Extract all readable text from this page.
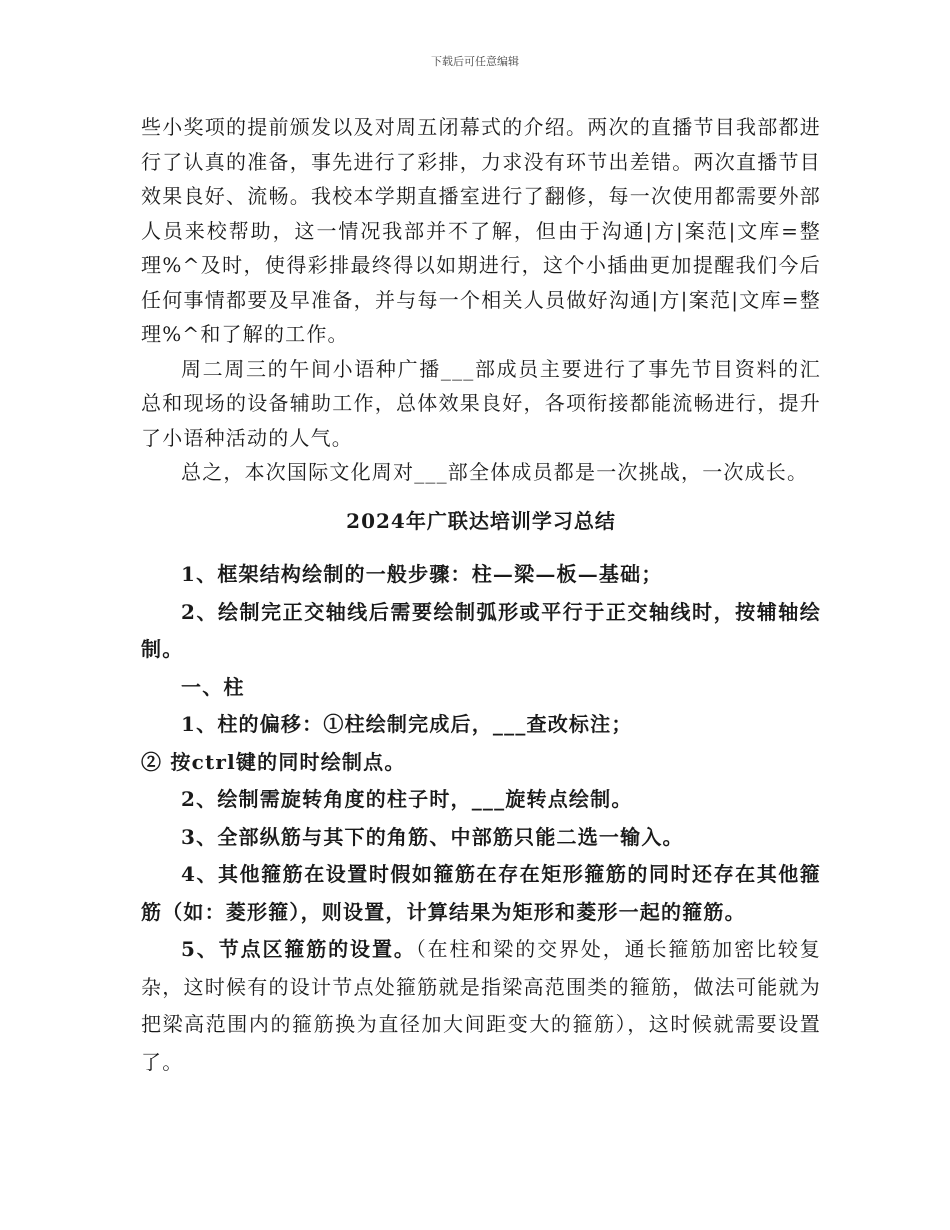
下载后可任意编辑

些小奖项的提前颁发以及对周五闭幕式的介绍。两次的直播节目我部都进行了认真的准备，事先进行了彩排，力求没有环节出差错。两次直播节目效果良好、流畅。我校本学期直播室进行了翻修，每一次使用都需要外部人员来校帮助，这一情况我部并不了解，但由于沟通|方|案范|文库=整理%^及时，使得彩排最终得以如期进行，这个小插曲更加提醒我们今后任何事情都要及早准备，并与每一个相关人员做好沟通|方|案范|文库=整理%^和了解的工作。

周二周三的午间小语种广播___部成员主要进行了事先节目资料的汇总和现场的设备辅助工作，总体效果良好，各项衔接都能流畅进行，提升了小语种活动的人气。

总之，本次国际文化周对___部全体成员都是一次挑战，一次成长。

2024年广联达培训学习总结

1、框架结构绘制的一般步骤：柱—梁—板—基础；

2、绘制完正交轴线后需要绘制弧形或平行于正交轴线时，按辅轴绘制。

一、柱

1、柱的偏移：①柱绘制完成后，___查改标注；

② 按ctrl键的同时绘制点。

2、绘制需旋转角度的柱子时，___旋转点绘制。

3、全部纵筋与其下的角筋、中部筋只能二选一输入。

4、其他箍筋在设置时假如箍筋在存在矩形箍筋的同时还存在其他箍筋（如：菱形箍），则设置，计算结果为矩形和菱形一起的箍筋。

5、节点区箍筋的设置。（在柱和梁的交界处，通长箍筋加密比较复杂，这时候有的设计节点处箍筋就是指梁高范围类的箍筋，做法可能就为把梁高范围内的箍筋换为直径加大间距变大的箍筋），这时候就需要设置了。
